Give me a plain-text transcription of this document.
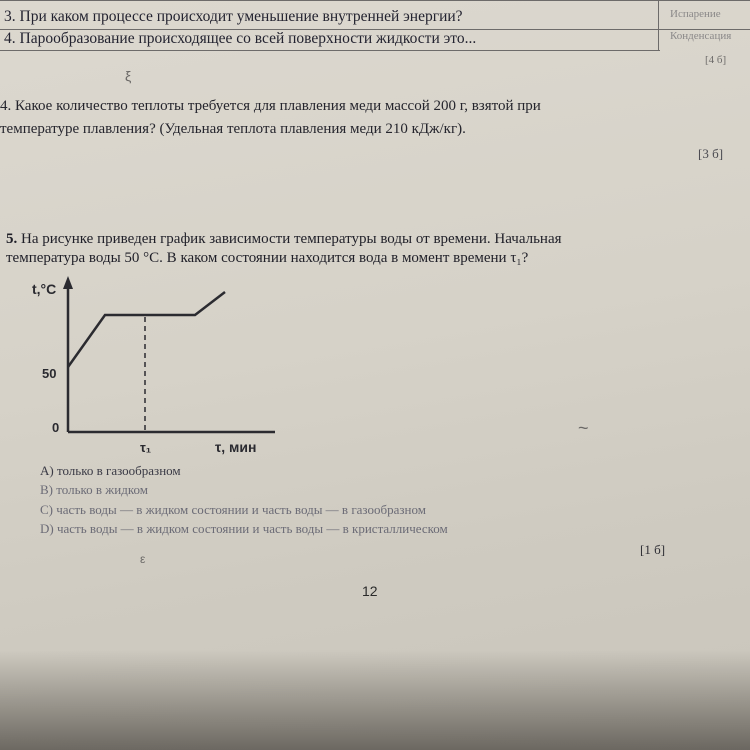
3. При каком процессе происходит уменьшение внутренней энергии?	Испарение
4. Парообразование происходящее со всей поверхности жидкости это...	Конденсация
[4 б]
ξ
4. Какое количество теплоты требуется для плавления меди массой 200 г, взятой при
температуре плавления? (Удельная теплота плавления меди 210 кДж/кг).
[3 б]
5. На рисунке приведен график зависимости температуры воды от времени. Начальная
температура воды 50 °С. В каком состоянии находится вода в момент времени τ₁?
t,°C
50
0
τ₁	τ, мин
~
А) только в газообразном
В) только в жидком
С) часть воды — в жидком состоянии и часть воды — в газообразном
D) часть воды — в жидком состоянии и часть воды — в кристаллическом
[1 б]
ε
12
